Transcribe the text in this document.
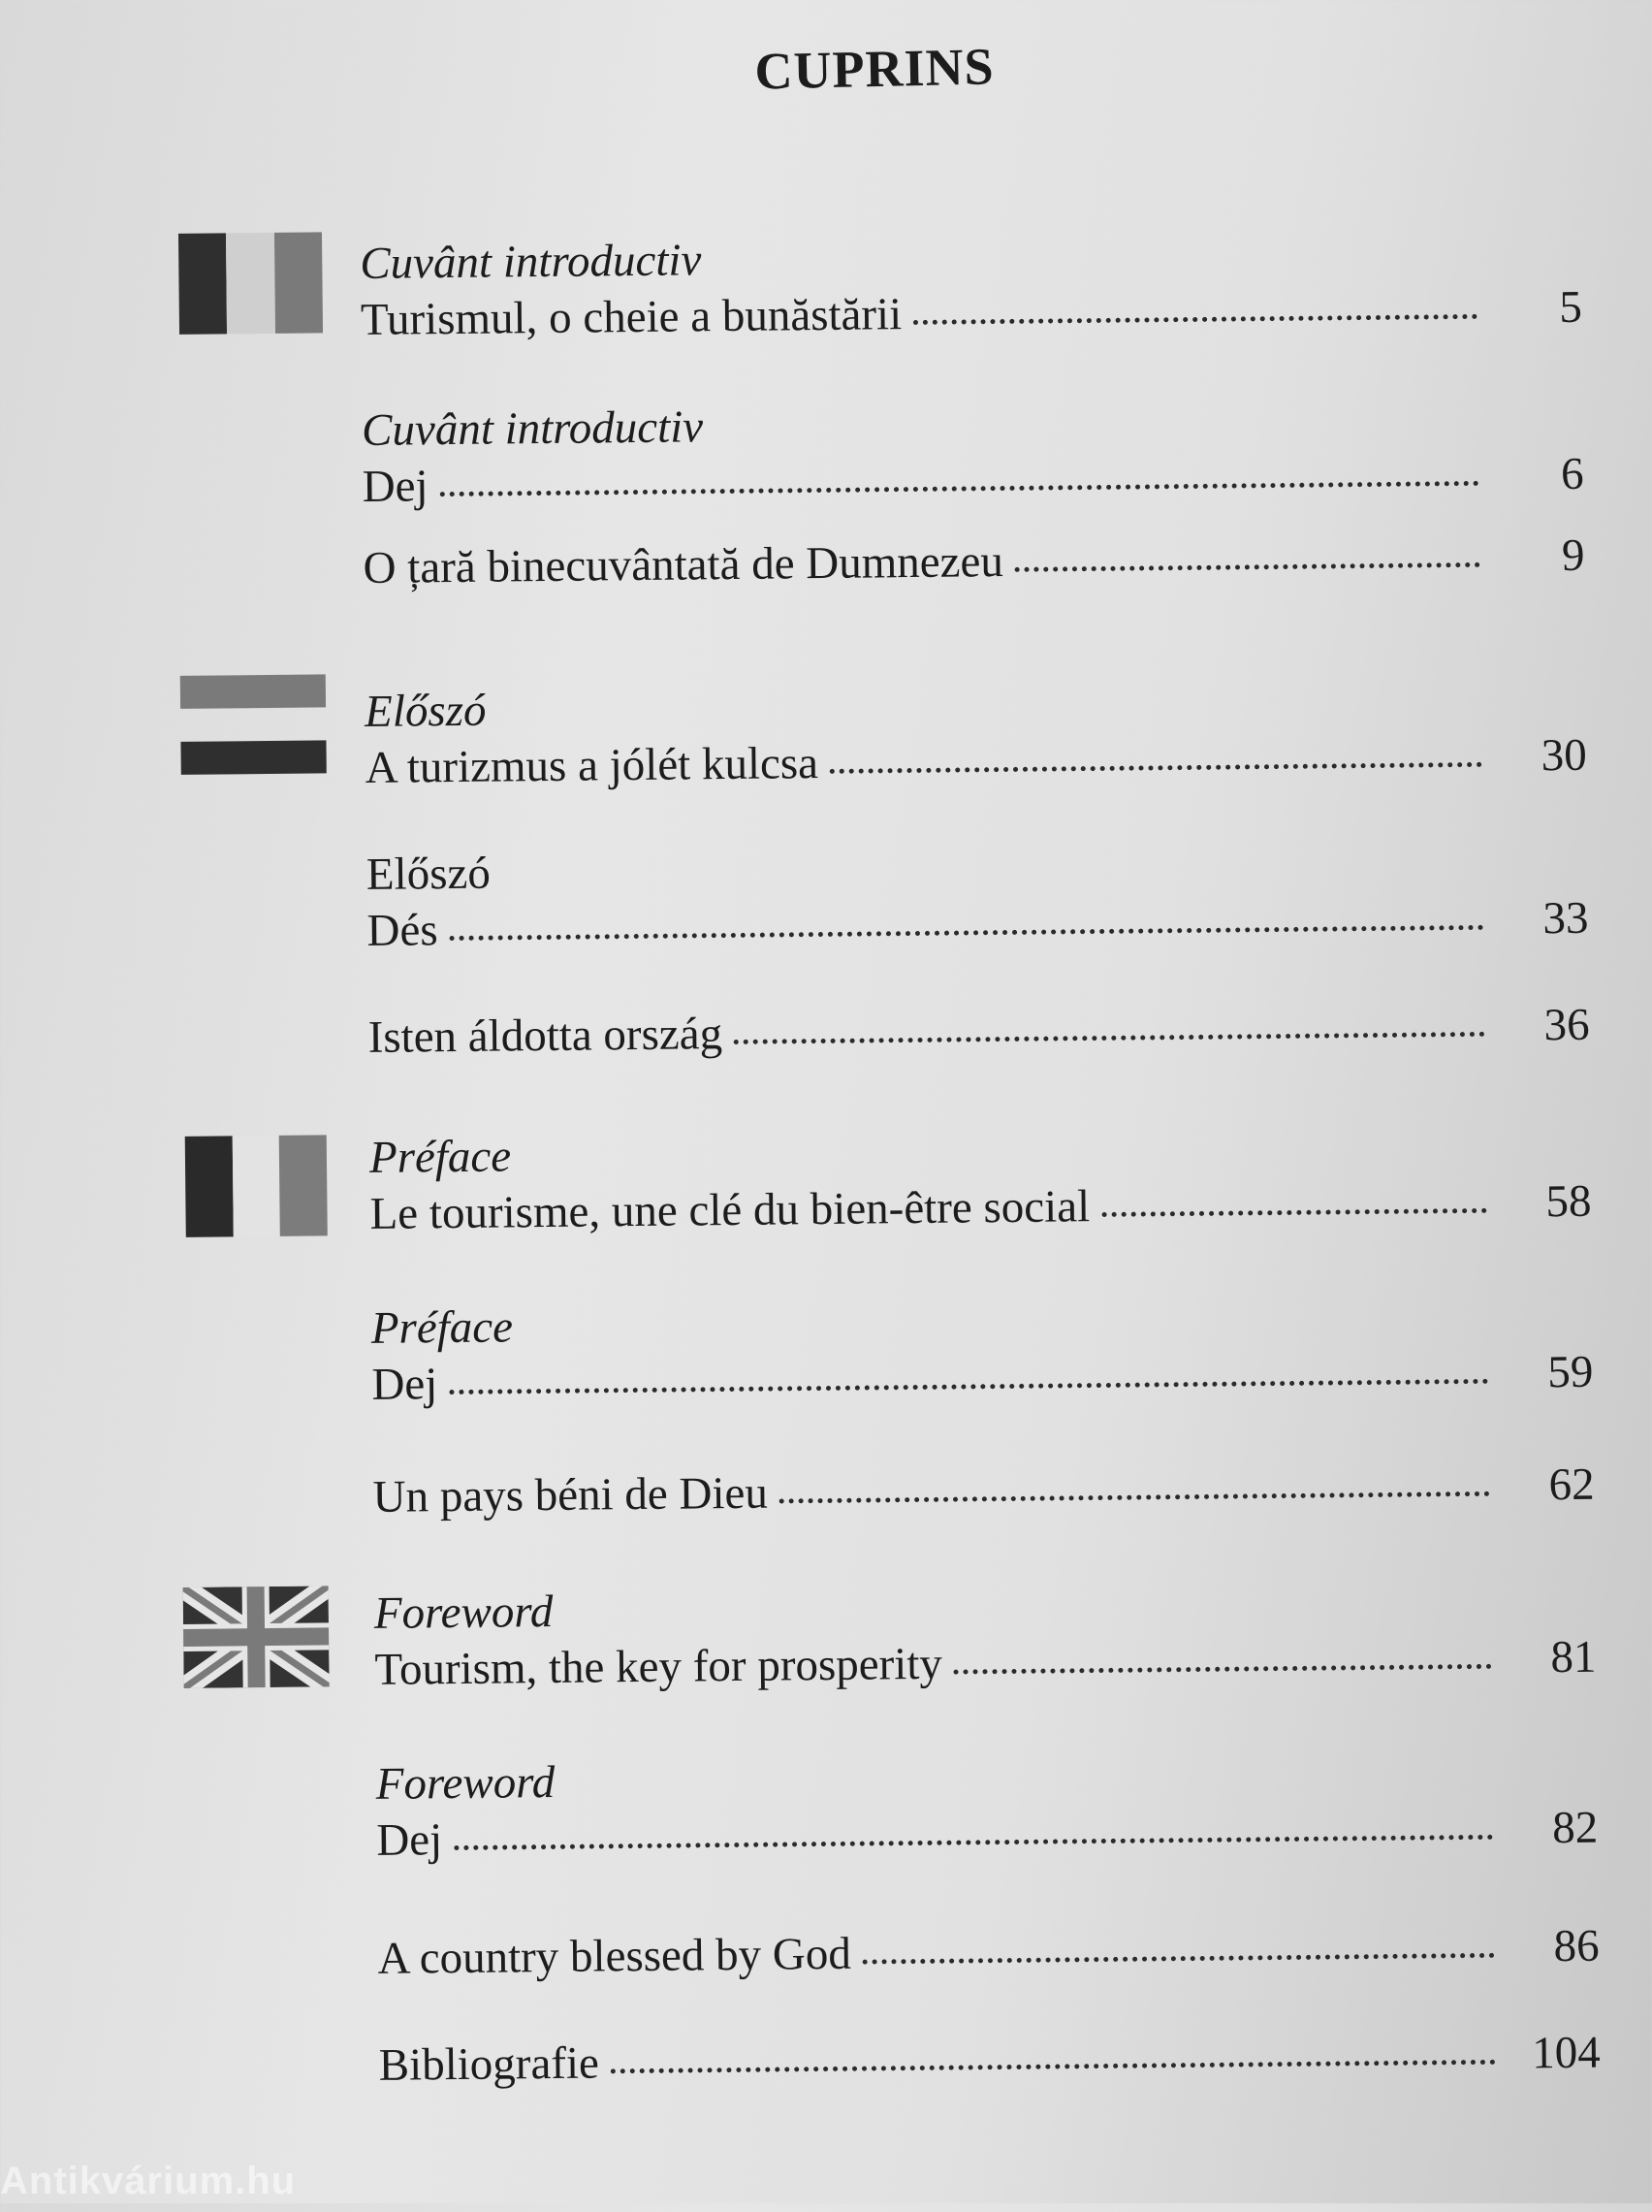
CUPRINS
Cuvânt introductiv
Turismul, o cheie a bunăstării	5
Cuvânt introductiv
Dej	6
O țară binecuvântată de Dumnezeu	9
Előszó
A turizmus a jólét kulcsa	30
Előszó
Dés	33
Isten áldotta ország	36
Préface
Le tourisme, une clé du bien-être social	58
Préface
Dej	59
Un pays béni de Dieu	62
Foreword
Tourism, the key for prosperity	81
Foreword
Dej	82
A country blessed by God	86
Bibliografie	104
Antikvárium.hu
